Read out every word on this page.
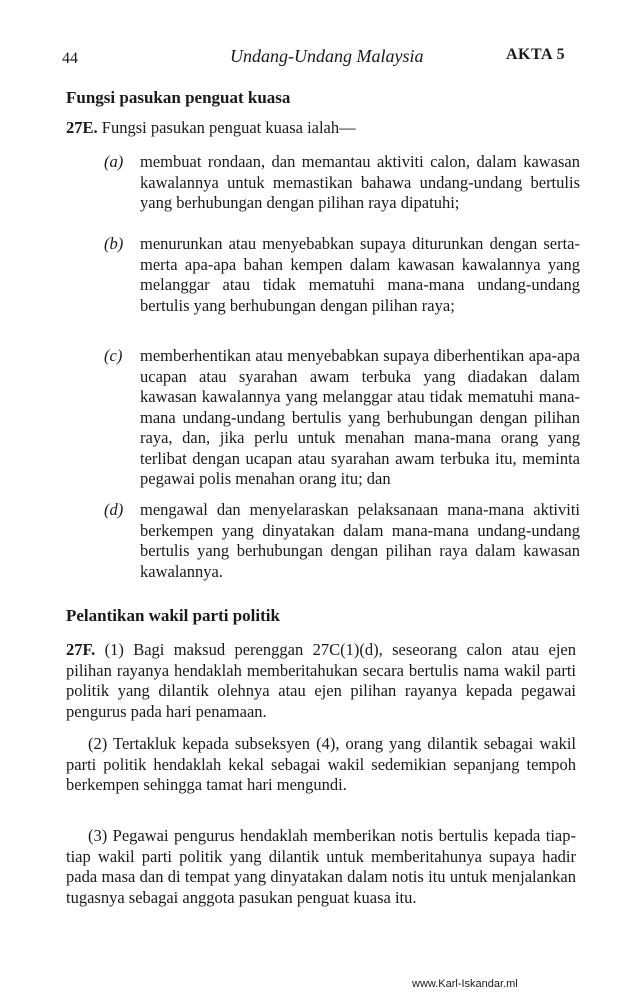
44	Undang-Undang Malaysia	AKTA 5
Fungsi pasukan penguat kuasa
27E. Fungsi pasukan penguat kuasa ialah—
(a) membuat rondaan, dan memantau aktiviti calon, dalam kawasan kawalannya untuk memastikan bahawa undang-undang bertulis yang berhubungan dengan pilihan raya dipatuhi;
(b) menurunkan atau menyebabkan supaya diturunkan dengan serta-merta apa-apa bahan kempen dalam kawasan kawalannya yang melanggar atau tidak mematuhi mana-mana undang-undang bertulis yang berhubungan dengan pilihan raya;
(c) memberhentikan atau menyebabkan supaya diberhentikan apa-apa ucapan atau syarahan awam terbuka yang diadakan dalam kawasan kawalannya yang melanggar atau tidak mematuhi mana-mana undang-undang bertulis yang berhubungan dengan pilihan raya, dan, jika perlu untuk menahan mana-mana orang yang terlibat dengan ucapan atau syarahan awam terbuka itu, meminta pegawai polis menahan orang itu; dan
(d) mengawal dan menyelaraskan pelaksanaan mana-mana aktiviti berkempen yang dinyatakan dalam mana-mana undang-undang bertulis yang berhubungan dengan pilihan raya dalam kawasan kawalannya.
Pelantikan wakil parti politik
27F. (1) Bagi maksud perenggan 27C(1)(d), seseorang calon atau ejen pilihan rayanya hendaklah memberitahukan secara bertulis nama wakil parti politik yang dilantik olehnya atau ejen pilihan rayanya kepada pegawai pengurus pada hari penamaan.
(2) Tertakluk kepada subseksyen (4), orang yang dilantik sebagai wakil parti politik hendaklah kekal sebagai wakil sedemikian sepanjang tempoh berkempen sehingga tamat hari mengundi.
(3) Pegawai pengurus hendaklah memberikan notis bertulis kepada tiap-tiap wakil parti politik yang dilantik untuk memberitahunya supaya hadir pada masa dan di tempat yang dinyatakan dalam notis itu untuk menjalankan tugasnya sebagai anggota pasukan penguat kuasa itu.
www.Karl-Iskandar.ml
